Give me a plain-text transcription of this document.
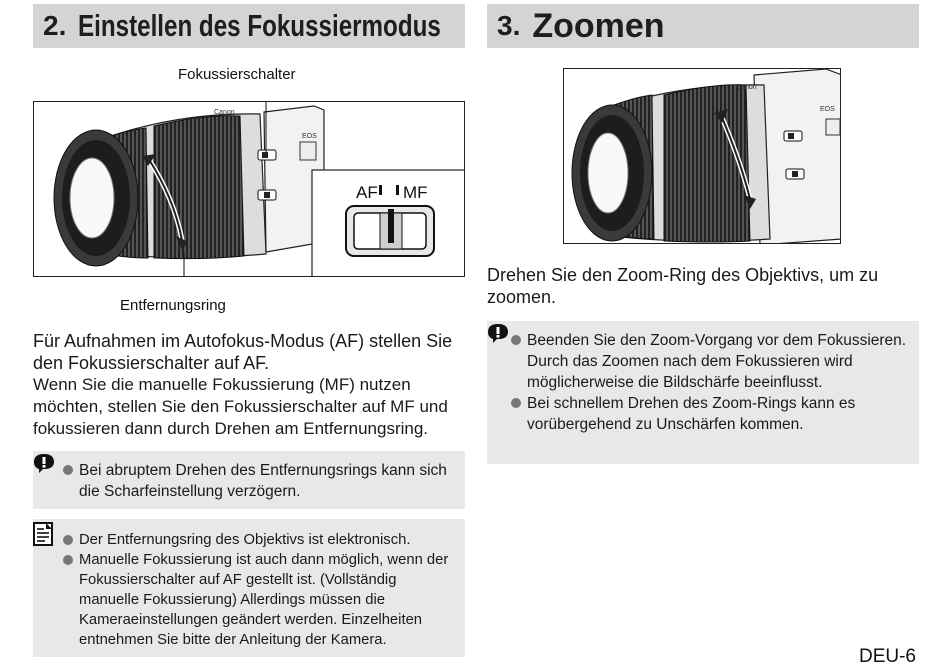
2. Einstellen des Fokussiermodus
Fokussierschalter
EOS
Canon
AF MF
Entfernungsring
Für Aufnahmen im Autofokus-Modus (AF) stellen Sie den Fokussierschalter auf AF.
Wenn Sie die manuelle Fokussierung (MF) nutzen möchten, stellen Sie den Fokussierschalter auf MF und fokussieren dann durch Drehen am Entfernungsring.
Bei abruptem Drehen des Entfernungsrings kann sich die Scharfeinstellung verzögern.
Der Entfernungsring des Objektivs ist elektronisch.
Manuelle Fokussierung ist auch dann möglich, wenn der Fokussierschalter auf AF gestellt ist. (Vollständig manuelle Fokussierung) Allerdings müssen die Kameraeinstellungen geändert werden. Einzelheiten entnehmen Sie bitte der Anleitung der Kamera.
3. Zoomen
EOS
Canon
Drehen Sie den Zoom-Ring des Objektivs, um zu zoomen.
Beenden Sie den Zoom-Vorgang vor dem Fokussieren. Durch das Zoomen nach dem Fokussieren wird möglicherweise die Bildschärfe beeinflusst.
Bei schnellem Drehen des Zoom-Rings kann es vorübergehend zu Unschärfen kommen.
DEU-6
